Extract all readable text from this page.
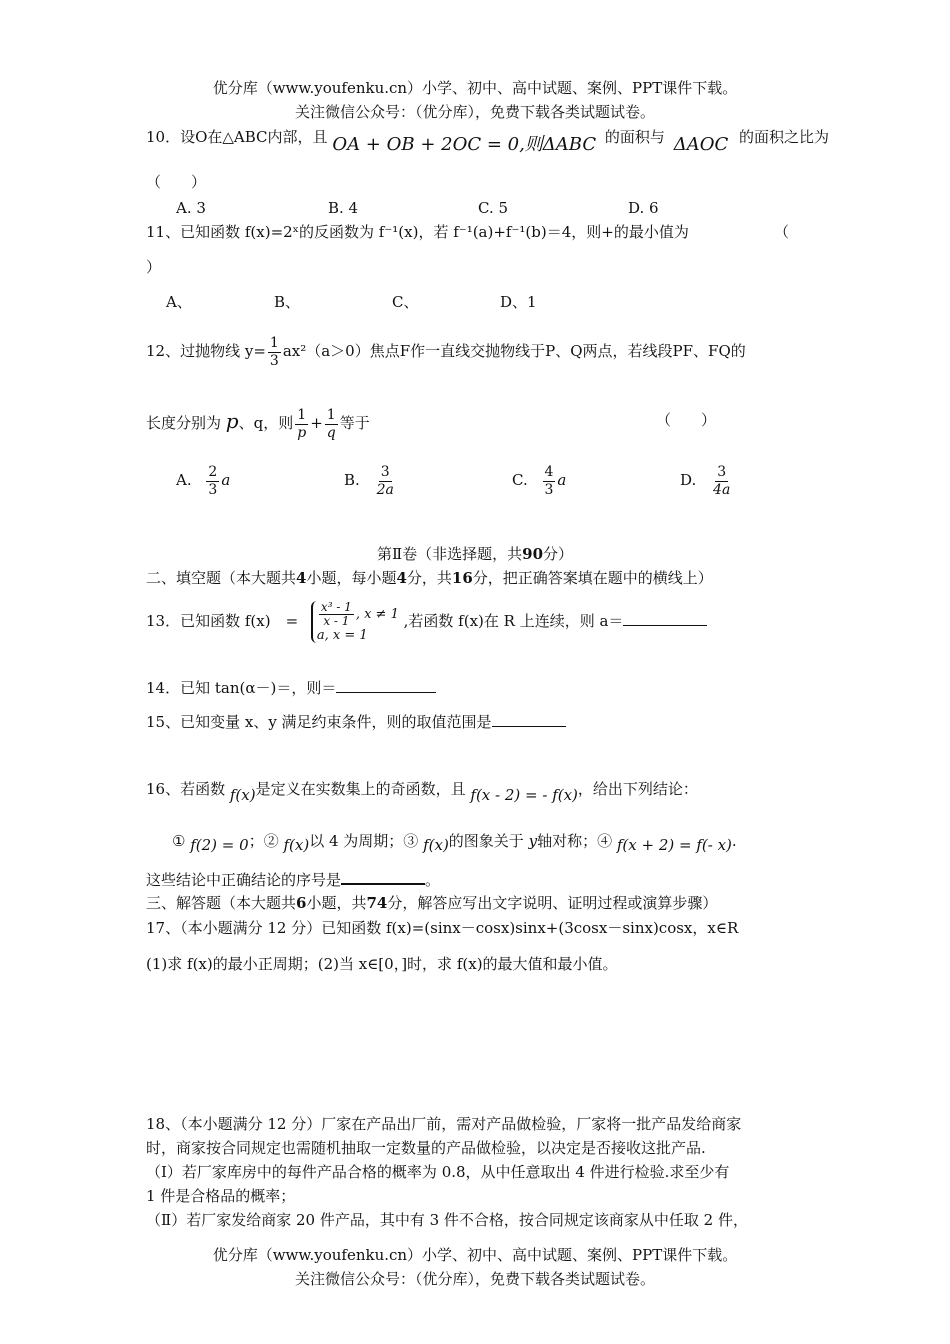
优分库（www.youfenku.cn）小学、初中、高中试题、案例、PPT课件下载。
关注微信公众号：（优分库），免费下载各类试题试卷。
10．设O在△ABC内部，且 OA + OB + 2OC = 0,则ΔABC 的面积与 ΔAOC 的面积之比为
（　　）
A. 3	B. 4	C. 5	D. 6
11、已知函数 f(x)=2ˣ的反函数为 f⁻¹(x)，若 f⁻¹(a)+f⁻¹(b)＝4，则+的最小值为	（
）
A、	B、	C、	D、1
12、过抛物线 $y= \frac{1}{3} ax^2(a>0)$焦点F作一直线交抛物线于P、Q两点，若线段PF、FQ的
长度分别为 p、q，则 $\frac{1}{p} + \frac{1}{q}$ 等于	（　　）
A. $\frac{2}{3}$ a	B. $\frac{3}{2a}$	C. $\frac{4}{3}$ a	D. $\frac{3}{4a}$
第Ⅱ卷（非选择题，共90分）
二、填空题（本大题共4小题，每小题4分，共16分，把正确答案填在题中的横线上）
13．已知函数 f(x)　= $\frac{\text{x³ - 1}}{x - 1}$ , x ≠ 1
a, x = 1
,若函数 f(x)在 R 上连续，则 a＝
14．已知 tan(α－)＝，则＝
15、已知变量 x、y 满足约束条件，则的取值范围是
16、若函数 f(x)是定义在实数集上的奇函数，且 f(x - 2) = - f(x)，给出下列结论：
① f(2) = 0；② f(x)以 4 为周期；③ f(x)的图象关于 y轴对称；④ f(x + 2) = f(- x).
这些结论中正确结论的序号是	。
三、解答题（本大题共6小题，共74分，解答应写出文字说明、证明过程或演算步骤）
17、（本小题满分 12 分）已知函数 f(x)=(sinx－cosx)sinx+(3cosx－sinx)cosx，x∈R
(1)求 f(x)的最小正周期；(2)当 x∈[0，]时，求 f(x)的最大值和最小值。
18、（本小题满分 12 分）厂家在产品出厂前，需对产品做检验，厂家将一批产品发给商家
时，商家按合同规定也需随机抽取一定数量的产品做检验，以决定是否接收这批产品.
（Ⅰ）若厂家库房中的每件产品合格的概率为 0.8，从中任意取出 4 件进行检验.求至少有
1 件是合格品的概率；
（Ⅱ）若厂家发给商家 20 件产品，其中有 3 件不合格，按合同规定该商家从中任取 2 件，
优分库（www.youfenku.cn）小学、初中、高中试题、案例、PPT课件下载。
关注微信公众号：（优分库），免费下载各类试题试卷。
